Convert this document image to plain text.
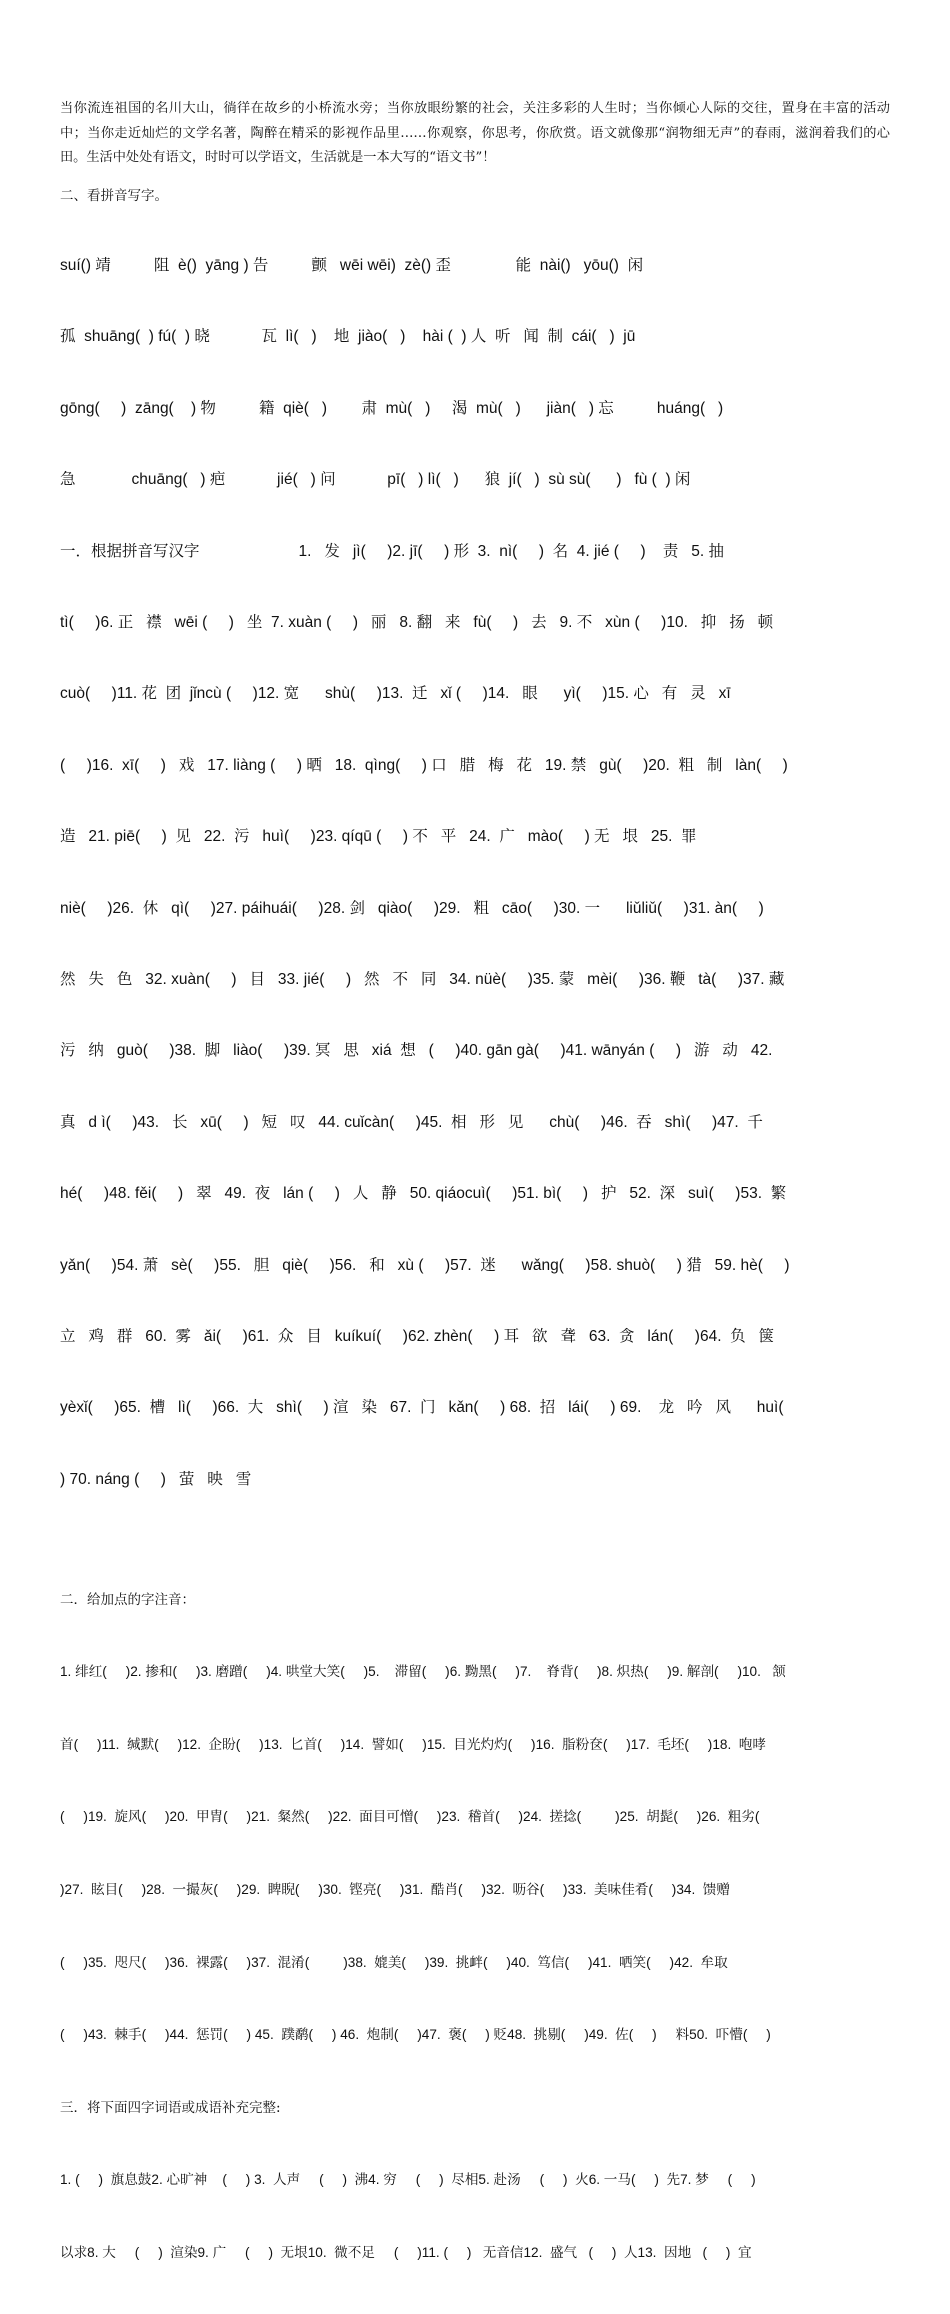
当你流连祖国的名川大山，徜徉在故乡的小桥流水旁；当你放眼纷繁的社会，关注多彩的人生时；当你倾心人际的交往，置身在丰富的活动中；当你走近灿烂的文学名著，陶醉在精采的影视作品里……你观察，你思考，你欣赏。语文就像那“润物细无声”的春雨，滋润着我们的心田。生活中处处有语文，时时可以学语文，生活就是一本大写的“语文书”！

二、看拼音写字。

suí() 靖          阻  è()  yāng ) 告          颤   wēi wēi)  zè() 歪               能  nài()   yōu()  闲

孤  shuāng(  ) fú(  ) 晓            瓦  lì(   )    地  jiào(   )    hài (  ) 人  听   闻  制  cái(   )  jū

gōng(     )  zāng(    ) 物          籍  qiè(   )        肃  mù(   )     渴  mù(   )      jiàn(   ) 忘          huáng(   )

急             chuāng(   ) 疤            jié(   ) 问            pī(   ) lì(   )      狼  jí(   )  sù sù(      )   fù (  ) 闲

一．根据拼音写汉字                       1.   发   jì(     )2. jī(     ) 形  3.  nì(     )  名  4. jié (     )    责   5. 抽

tì(     )6. 正   襟   wēi (     )   坐  7. xuàn (     )   丽   8. 翻   来   fù(     )   去   9. 不   xùn (     )10.   抑   扬   顿

cuò(     )11. 花  团  jǐncù (     )12. 宽      shù(     )13.  迁   xǐ (     )14.   眼      yì(     )15. 心   有   灵   xī

(     )16.  xī(     )   戏   17. liàng (     ) 晒   18.  qìng(     ) 口   腊   梅   花   19. 禁   gù(     )20.  粗   制   làn(     )

造   21. piē(     )  见   22.  污   huì(     )23. qíqū (     ) 不   平   24.  广   mào(     ) 无   垠   25.  罪

niè(     )26.  休   qì(     )27. páihuái(     )28. 剑   qiào(     )29.   粗   cāo(     )30. 一      liǔliǔ(     )31. àn(     )

然   失   色   32. xuàn(     )   目   33. jié(     )   然   不   同   34. nüè(     )35. 蒙   mèi(     )36. 鞭   tà(     )37. 藏

污   纳   guò(     )38.  脚   liào(     )39. 冥   思   xiá  想   (     )40. gān gà(     )41. wānyán (     )   游   动   42.

真   d ì(     )43.   长   xū(     )   短   叹   44. cuǐcàn(     )45.  相   形   见      chù(     )46.  吞   shì(     )47.  千

hé(     )48. fěi(     )   翠   49.  夜   lán (     )   人   静   50. qiáocuì(     )51. bì(     )   护   52.  深   suì(     )53.  繁

yǎn(     )54. 萧   sè(     )55.   胆   qiè(     )56.   和   xù (     )57.  迷      wǎng(     )58. shuò(     ) 猎   59. hè(     )

立   鸡   群   60.  雾   ǎi(     )61.  众   目   kuíkuí(     )62. zhèn(     ) 耳   欲   聋   63.  贪   lán(     )64.  负   箧

yèxǐ(     )65.  槽   lì(     )66.  大   shì(     ) 渲   染   67.  门   kǎn(     ) 68.  招   lái(     ) 69.    龙   吟   风      huì(

) 70. náng (     )   萤   映   雪

二．给加点的字注音：

1. 绯红(     )2. 掺和(     )3. 磨蹭(     )4. 哄堂大笑(     )5.    滞留(     )6. 黝黑(     )7.    脊背(     )8. 炽热(     )9. 解剖(     )10.   颔

首(     )11.  缄默(     )12.  企盼(     )13.  匕首(     )14.  譬如(     )15.  目光灼灼(     )16.  脂粉奁(     )17.  毛坯(     )18.  咆哮

(     )19.  旋风(     )20.  甲胄(     )21.  粲然(     )22.  面目可憎(     )23.  稽首(     )24.  搓捻(         )25.  胡髭(     )26.  粗劣(

)27.  眩目(     )28.  一撮灰(     )29.  睥睨(     )30.  铿亮(     )31.  酷肖(     )32.  呖谷(     )33.  美味佳肴(     )34.  馈赠

(     )35.  咫尺(     )36.  裸露(     )37.  混淆(         )38.  媲美(     )39.  挑衅(     )40.  笃信(     )41.  哂笑(     )42.  牟取

(     )43.  棘手(     )44.  惩罚(     ) 45.  蹼鹬(     ) 46.  炮制(     )47.  褒(     ) 贬48.  挑剔(     )49.  佐(     )     料50.  吓懵(     )

三．将下面四字词语或成语补充完整:

1. (     )  旗息鼓2. 心旷神    (     ) 3.  人声     (     )  沸4. 穷     (     )  尽相5. 赴汤     (     )  火6. 一马(     )  先7. 梦     (     )

以求8. 大     (     )  渲染9. 广     (     )  无垠10.  微不足     (     )11. (     )   无音信12.  盛气   (     )  人13.  因地   (     )  宜
